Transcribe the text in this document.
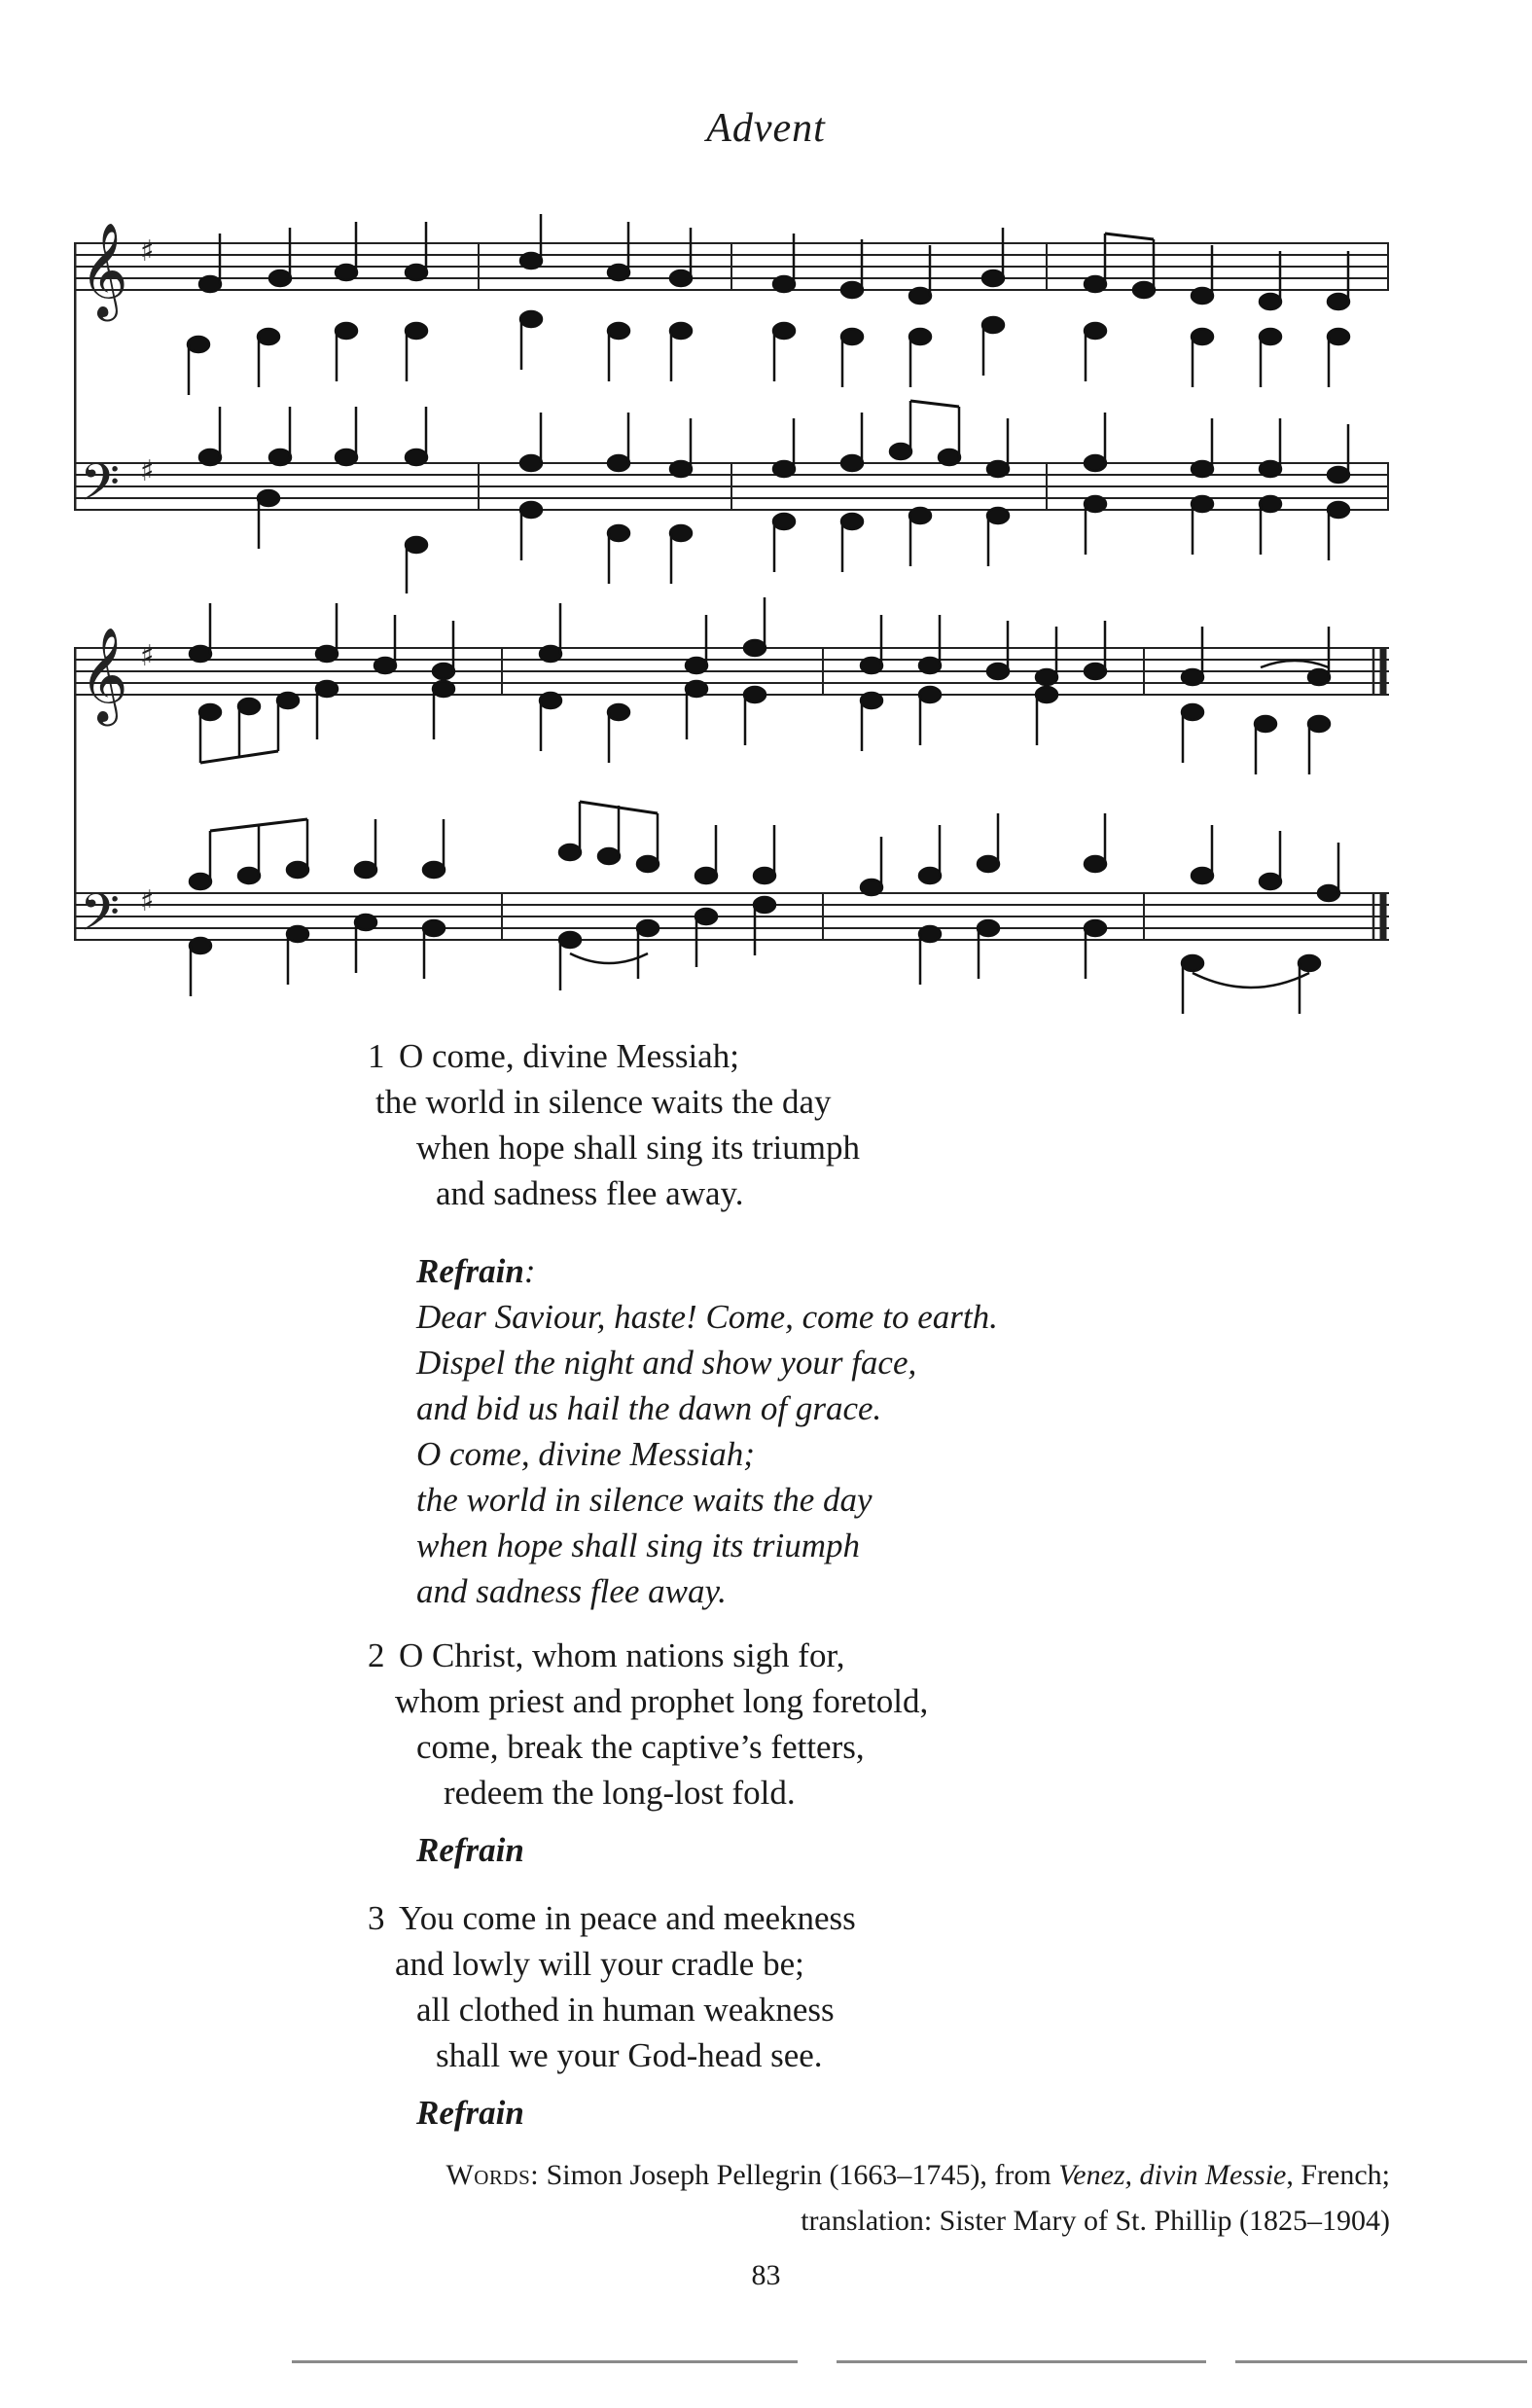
Advent
𝄞
𝄢
♯
♯
𝄞
𝄢
♯
♯
1 O come, divine Messiah;
the world in silence waits the day
when hope shall sing its triumph
and sadness flee away.
Refrain:
Dear Saviour, haste! Come, come to earth.
Dispel the night and show your face,
and bid us hail the dawn of grace.
O come, divine Messiah;
the world in silence waits the day
when hope shall sing its triumph
and sadness flee away.
2 O Christ, whom nations sigh for,
whom priest and prophet long foretold,
come, break the captive’s fetters,
redeem the long-lost fold.
Refrain
3 You come in peace and meekness
and lowly will your cradle be;
all clothed in human weakness
shall we your God-head see.
Refrain
Words: Simon Joseph Pellegrin (1663–1745), from Venez, divin Messie, French;
translation: Sister Mary of St. Phillip (1825–1904)
83
